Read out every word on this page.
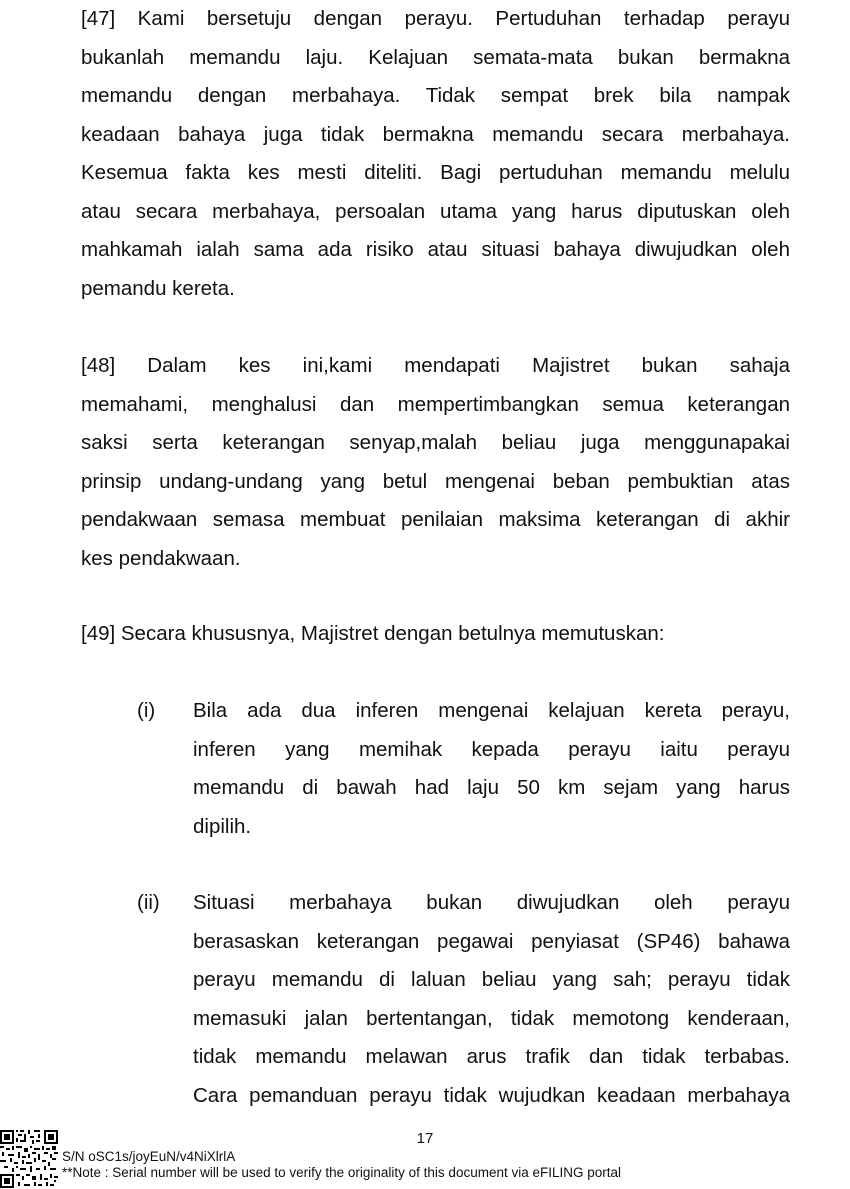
[47] Kami bersetuju dengan perayu. Pertuduhan terhadap perayu
bukanlah memandu laju. Kelajuan semata-mata bukan bermakna
memandu dengan merbahaya. Tidak sempat brek bila nampak
keadaan bahaya juga tidak bermakna memandu secara merbahaya.
Kesemua fakta kes mesti diteliti. Bagi pertuduhan memandu melulu
atau secara merbahaya, persoalan utama yang harus diputuskan oleh
mahkamah ialah sama ada risiko atau situasi bahaya diwujudkan oleh
pemandu kereta.
[48] Dalam kes ini,kami mendapati Majistret bukan sahaja
memahami, menghalusi dan mempertimbangkan semua keterangan
saksi serta keterangan senyap,malah beliau juga menggunapakai
prinsip undang-undang yang betul mengenai beban pembuktian atas
pendakwaan semasa membuat penilaian maksima keterangan di akhir
kes pendakwaan.
[49] Secara khususnya, Majistret dengan betulnya memutuskan:
(i) Bila ada dua inferen mengenai kelajuan kereta perayu,
inferen yang memihak kepada perayu iaitu perayu
memandu di bawah had laju 50 km sejam yang harus
dipilih.
(ii) Situasi merbahaya bukan diwujudkan oleh perayu
berasaskan keterangan pegawai penyiasat (SP46) bahawa
perayu memandu di laluan beliau yang sah; perayu tidak
memasuki jalan bertentangan, tidak memotong kenderaan,
tidak memandu melawan arus trafik dan tidak terbabas.
Cara pemanduan perayu tidak wujudkan keadaan merbahaya
17
S/N oSC1s/joyEuN/v4NiXlrlA
**Note : Serial number will be used to verify the originality of this document via eFILING portal
